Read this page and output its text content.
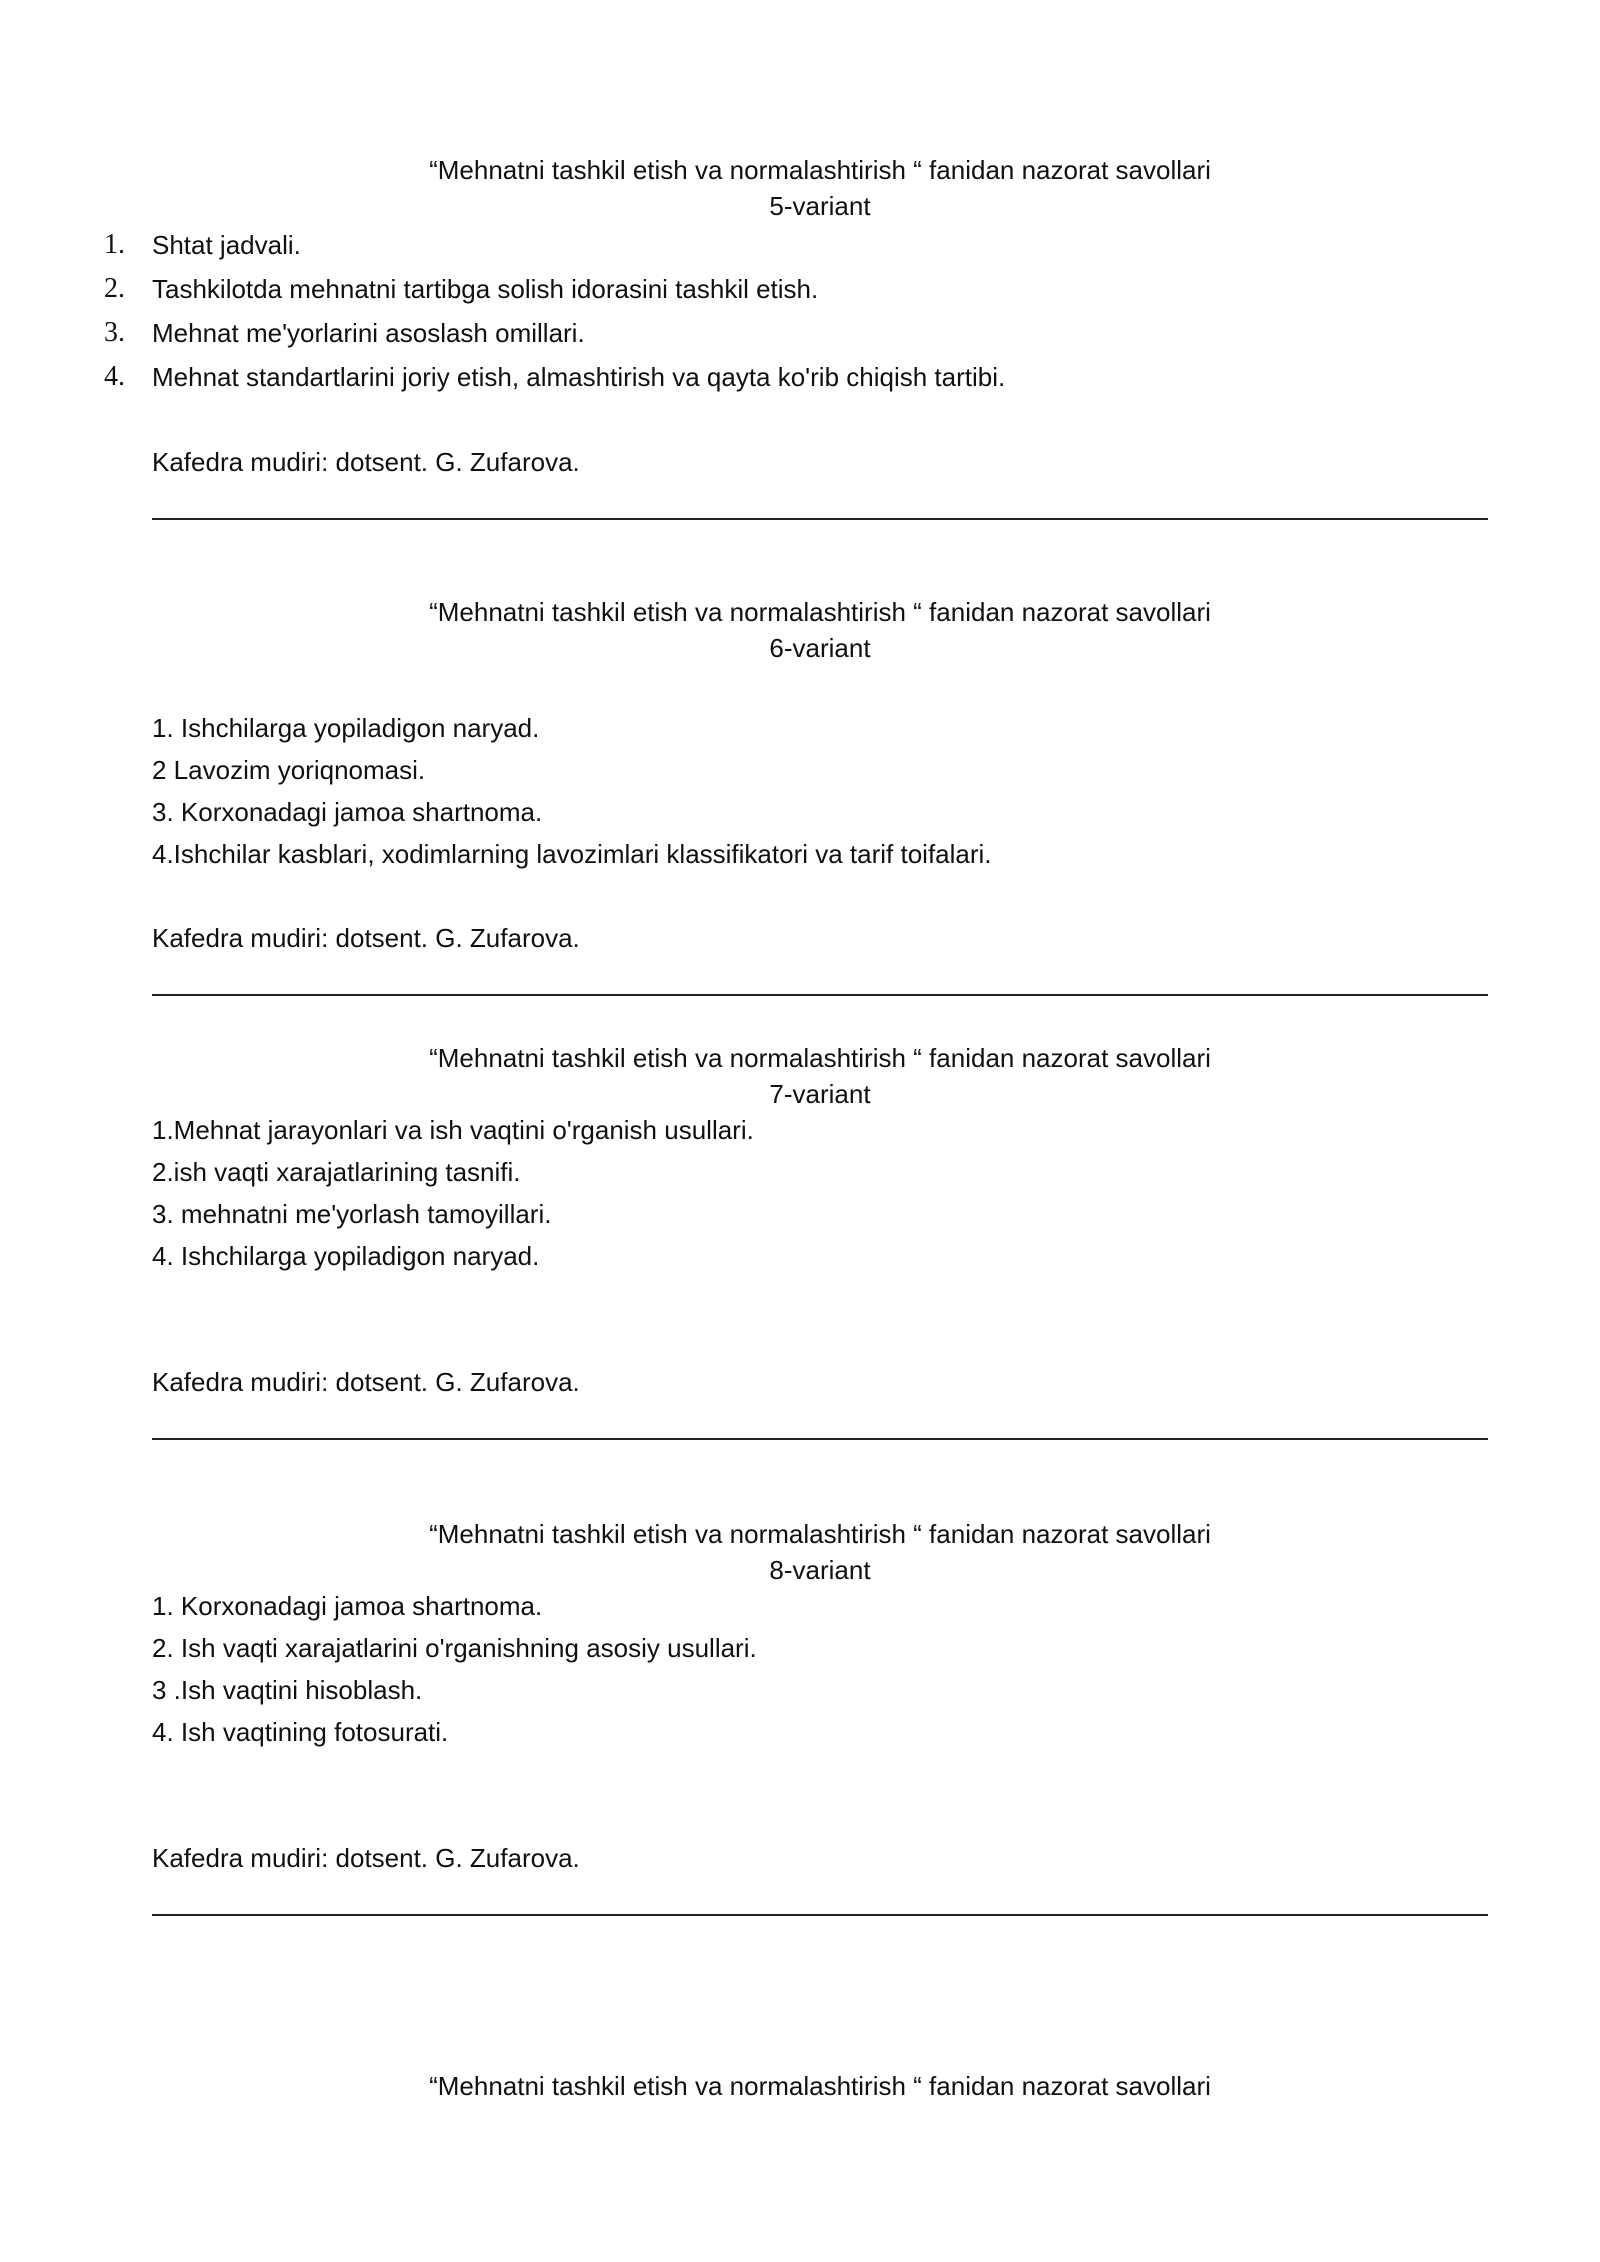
“Mehnatni tashkil etish va normalashtirish “ fanidan nazorat savollari
5-variant
1. Shtat jadvali.
2. Tashkilotda mehnatni tartibga solish idorasini tashkil etish.
3. Mehnat me'yorlarini asoslash omillari.
4. Mehnat standartlarini joriy etish, almashtirish va qayta ko'rib chiqish tartibi.
Kafedra mudiri: dotsent. G. Zufarova.
“Mehnatni tashkil etish va normalashtirish “ fanidan nazorat savollari
6-variant
1. Ishchilarga yopiladigon naryad.
2 Lavozim yoriqnomasi.
3. Korxonadagi jamoa shartnoma.
4.Ishchilar kasblari, xodimlarning lavozimlari klassifikatori va tarif toifalari.
Kafedra mudiri: dotsent. G. Zufarova.
“Mehnatni tashkil etish va normalashtirish “ fanidan nazorat savollari
7-variant
1.Mehnat jarayonlari va ish vaqtini o'rganish usullari.
2.ish vaqti xarajatlarining tasnifi.
3. mehnatni me'yorlash tamoyillari.
4. Ishchilarga yopiladigon naryad.
Kafedra mudiri: dotsent. G. Zufarova.
“Mehnatni tashkil etish va normalashtirish “ fanidan nazorat savollari
8-variant
1. Korxonadagi jamoa shartnoma.
2. Ish vaqti xarajatlarini o'rganishning asosiy usullari.
3 .Ish vaqtini hisoblash.
4. Ish vaqtining fotosurati.
Kafedra mudiri: dotsent. G. Zufarova.
“Mehnatni tashkil etish va normalashtirish “ fanidan nazorat savollari
